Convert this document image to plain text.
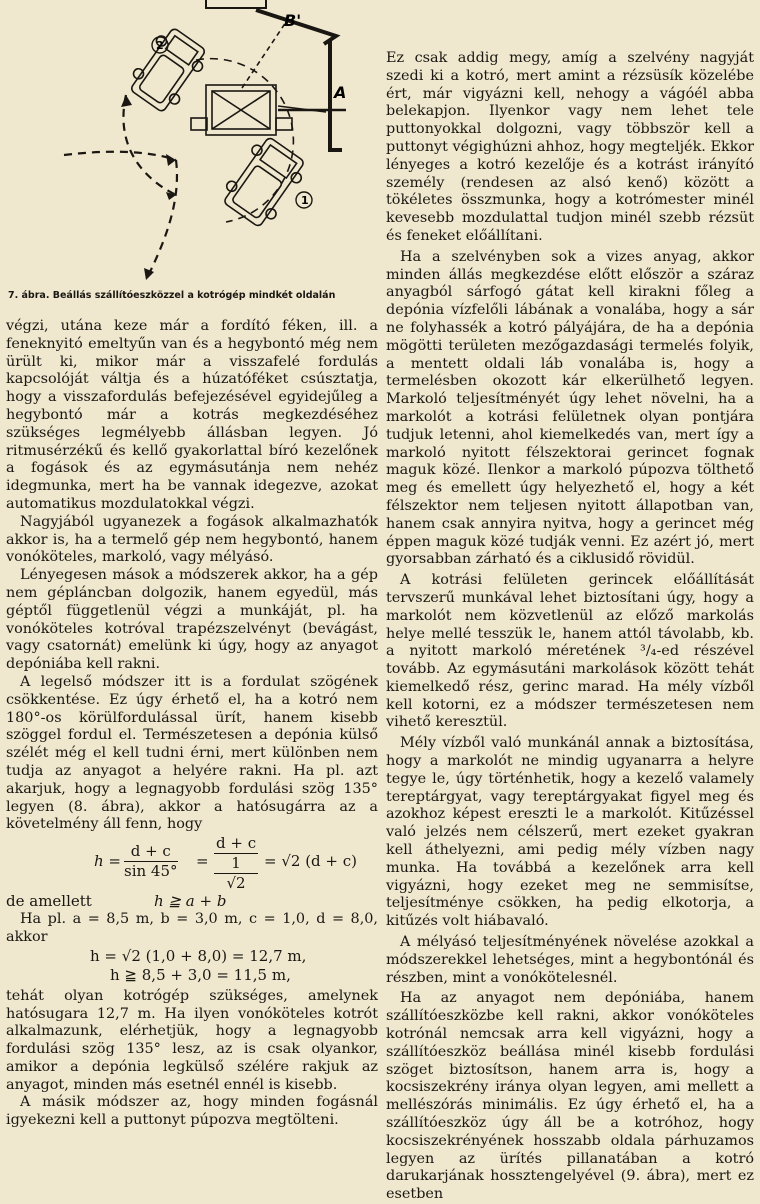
2
1
B'
A
7. ábra. Beállás szállítóeszközzel a kotrógép mindkét oldalán

végzi, utána keze már a fordító féken, ill. a feneknyitó emeltyűn van és a hegybontó még nem ürült ki, mikor már a visszafelé fordulás kapcsolóját váltja és a húzatóféket csúsztatja, hogy a visszafordulás befejezésével egyidejűleg a hegybontó már a kotrás megkezdéséhez szükséges legmélyebb állásban legyen. Jó ritmusérzékű és kellő gyakorlattal bíró kezelőnek a fogások és az egymásutánja nem nehéz idegmunka, mert ha be vannak idegezve, azokat automatikus mozdulatokkal végzi.

Nagyjából ugyanezek a fogások alkalmazhatók akkor is, ha a termelő gép nem hegybontó, hanem vonóköteles, markoló, vagy mélyásó.

Lényegesen mások a módszerek akkor, ha a gép nem gépláncban dolgozik, hanem egyedül, más géptől függetlenül végzi a munkáját, pl. ha vonóköteles kotróval trapézszelvényt (bevágást, vagy csatornát) emelünk ki úgy, hogy az anyagot depóniába kell rakni.

A legelső módszer itt is a fordulat szögének csökkentése. Ez úgy érhető el, ha a kotró nem 180°-os körülfordulással ürít, hanem kisebb szöggel fordul el. Természetesen a depónia külső szélét még el kell tudni érni, mert különben nem tudja az anyagot a helyére rakni. Ha pl. azt akarjuk, hogy a legnagyobb fordulási szög 135° legyen (8. ábra), akkor a hatósugárra az a követelmény áll fenn, hogy

$h = \frac{d + c}{\sin 45^\circ}$ =
d + c
1
√2
= √2 (d + c)
de amellett	h ≧ a + b

Ha pl. a = 8,5 m, b = 3,0 m, c = 1,0, d = 8,0, akkor

h = √2 (1,0 + 8,0) = 12,7 m,
h ≧ 8,5 + 3,0 = 11,5 m,

tehát olyan kotrógép szükséges, amelynek hatósugara 12,7 m. Ha ilyen vonóköteles kotrót alkalmazunk, elérhetjük, hogy a legnagyobb fordulási szög 135° lesz, az is csak olyankor, amikor a depónia legkülső szélére rakjuk az anyagot, minden más esetnél ennél is kisebb.

A másik módszer az, hogy minden fogásnál igyekezni kell a puttonyt púpozva megtölteni.

Ez csak addig megy, amíg a szelvény nagyját szedi ki a kotró, mert amint a rézsüsík közelébe ért, már vigyázni kell, nehogy a vágóél abba belekapjon. Ilyenkor vagy nem lehet tele puttonyokkal dolgozni, vagy többször kell a puttonyt végighúzni ahhoz, hogy megteljék. Ekkor lényeges a kotró kezelője és a kotrást irányító személy (rendesen az alsó kenő) között a tökéletes összmunka, hogy a kotrómester minél kevesebb mozdulattal tudjon minél szebb rézsüt és feneket előállítani.

Ha a szelvényben sok a vizes anyag, akkor minden állás megkezdése előtt először a száraz anyagból sárfogó gátat kell kirakni főleg a depónia vízfelőli lábának a vonalába, hogy a sár ne folyhassék a kotró pályájára, de ha a depónia mögötti területen mezőgazdasági termelés folyik, a mentett oldali láb vonalába is, hogy a termelésben okozott kár elkerülhető legyen. Markoló teljesítményét úgy lehet növelni, ha a markolót a kotrási felületnek olyan pontjára tudjuk letenni, ahol kiemelkedés van, mert így a markoló nyitott félszektorai gerincet fognak maguk közé. Ilenkor a markoló púpozva tölthető meg és emellett úgy helyezhető el, hogy a két félszektor nem teljesen nyitott állapotban van, hanem csak annyira nyitva, hogy a gerincet még éppen maguk közé tudják venni. Ez azért jó, mert gyorsabban zárható és a ciklusidő rövidül.

A kotrási felületen gerincek előállítását tervszerű munkával lehet biztosítani úgy, hogy a markolót nem közvetlenül az előző markolás helye mellé tesszük le, hanem attól távolabb, kb. a nyitott markoló méretének ³/₄-ed részével tovább. Az egymásutáni markolások között tehát kiemelkedő rész, gerinc marad. Ha mély vízből kell kotorni, ez a módszer természetesen nem vihető keresztül.

Mély vízből való munkánál annak a biztosítása, hogy a markolót ne mindig ugyanarra a helyre tegye le, úgy történhetik, hogy a kezelő valamely tereptárgyat, vagy tereptárgyakat figyel meg és azokhoz képest ereszti le a markolót. Kitűzéssel való jelzés nem célszerű, mert ezeket gyakran kell áthelyezni, ami pedig mély vízben nagy munka. Ha továbbá a kezelőnek arra kell vigyázni, hogy ezeket meg ne semmisítse, teljesítménye csökken, ha pedig elkotorja, a kitűzés volt hiábavaló.

A mélyásó teljesítményének növelése azokkal a módszerekkel lehetséges, mint a hegybontónál és részben, mint a vonókötelesnél.

Ha az anyagot nem depóniába, hanem szállítóeszközbe kell rakni, akkor vonóköteles kotrónál nemcsak arra kell vigyázni, hogy a szállítóeszköz beállása minél kisebb fordulási szöget biztosítson, hanem arra is, hogy a kocsiszekrény iránya olyan legyen, ami mellett a mellészórás minimális. Ez úgy érhető el, ha a szállítóeszköz úgy áll be a kotróhoz, hogy kocsiszekrényének hosszabb oldala párhuzamos legyen az ürítés pillanatában a kotró darukarjának hossztengelyével (9. ábra), mert ez esetben
